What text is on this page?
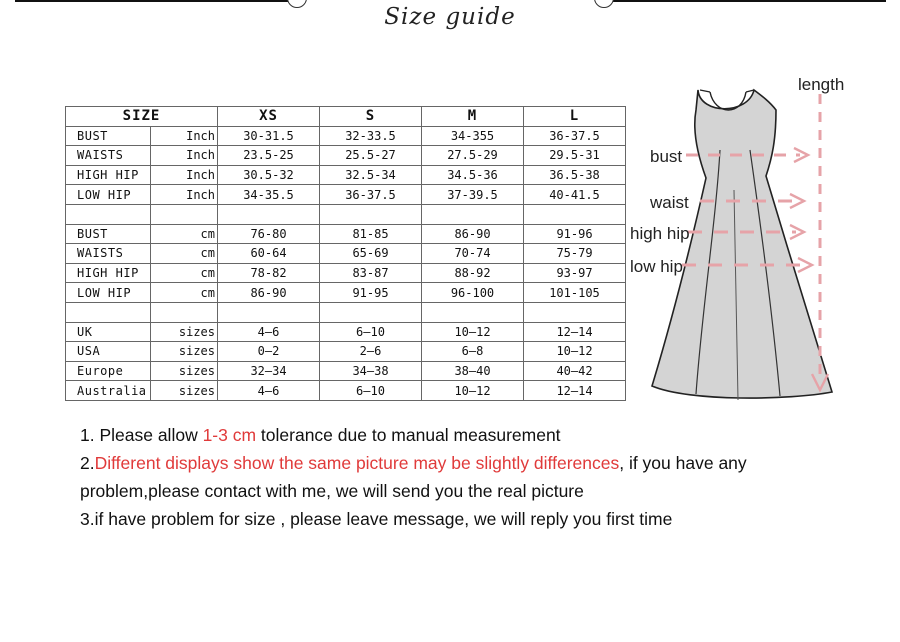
Size guide
SIZE		XS	S	M	L
BUST	Inch	30-31.5	32-33.5	34-355	36-37.5
WAISTS	Inch	23.5-25	25.5-27	27.5-29	29.5-31
HIGH HIP	Inch	30.5-32	32.5-34	34.5-36	36.5-38
LOW HIP	Inch	34-35.5	36-37.5	37-39.5	40-41.5

BUST	cm	76-80	81-85	86-90	91-96
WAISTS	cm	60-64	65-69	70-74	75-79
HIGH HIP	cm	78-82	83-87	88-92	93-97
LOW HIP	cm	86-90	91-95	96-100	101-105

UK	sizes	4—6	6—10	10—12	12—14
USA	sizes	0—2	2—6	6—8	10—12
Europe	sizes	32—34	34—38	38—40	40—42
Australia	sizes	4—6	6—10	10—12	12—14
length
bust
waist
high hip
low hip

1. Please allow 1-3 cm tolerance due to manual measurement

2.Different displays show the same picture may be slightly differences, if you have any problem,please contact with me, we will send you the real picture

3.if have problem for size , please leave message, we will reply you first time
